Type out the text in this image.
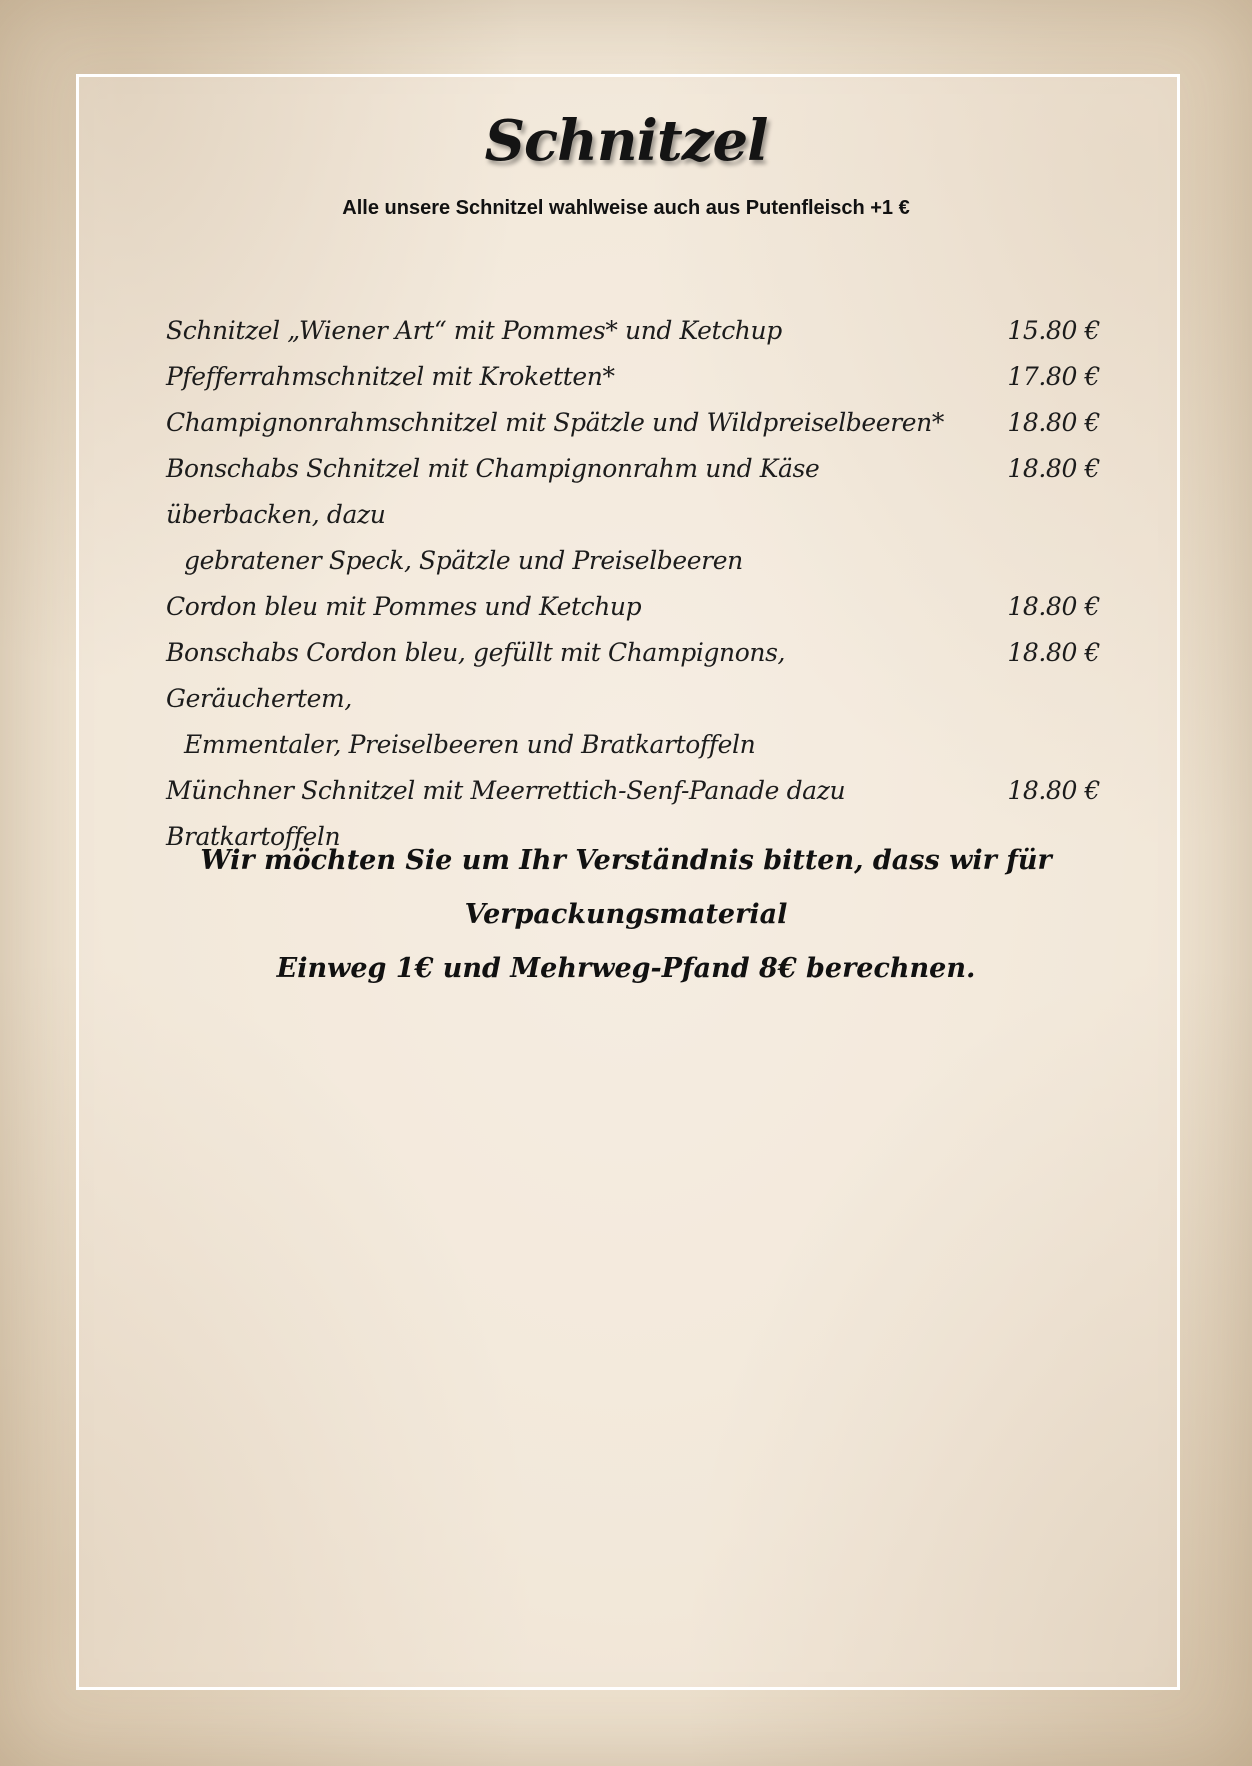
Schnitzel
Alle unsere Schnitzel wahlweise auch aus Putenfleisch +1 €
Schnitzel „Wiener Art“ mit Pommes* und Ketchup	15.80 €
Pfefferrahmschnitzel mit Kroketten*	17.80 €
Champignonrahmschnitzel mit Spätzle und Wildpreiselbeeren*	18.80 €
Bonschabs Schnitzel mit Champignonrahm und Käse überbacken, dazu
gebratener Speck, Spätzle und Preiselbeeren
18.80 €
Cordon bleu mit Pommes und Ketchup	18.80 €
Bonschabs Cordon bleu, gefüllt mit Champignons, Geräuchertem,
Emmentaler, Preiselbeeren und Bratkartoffeln
18.80 €
Münchner Schnitzel mit Meerrettich-Senf-Panade dazu Bratkartoffeln
18.80 €
Wir möchten Sie um Ihr Verständnis bitten, dass wir für Verpackungsmaterial
Einweg 1€ und Mehrweg-Pfand 8€ berechnen.
